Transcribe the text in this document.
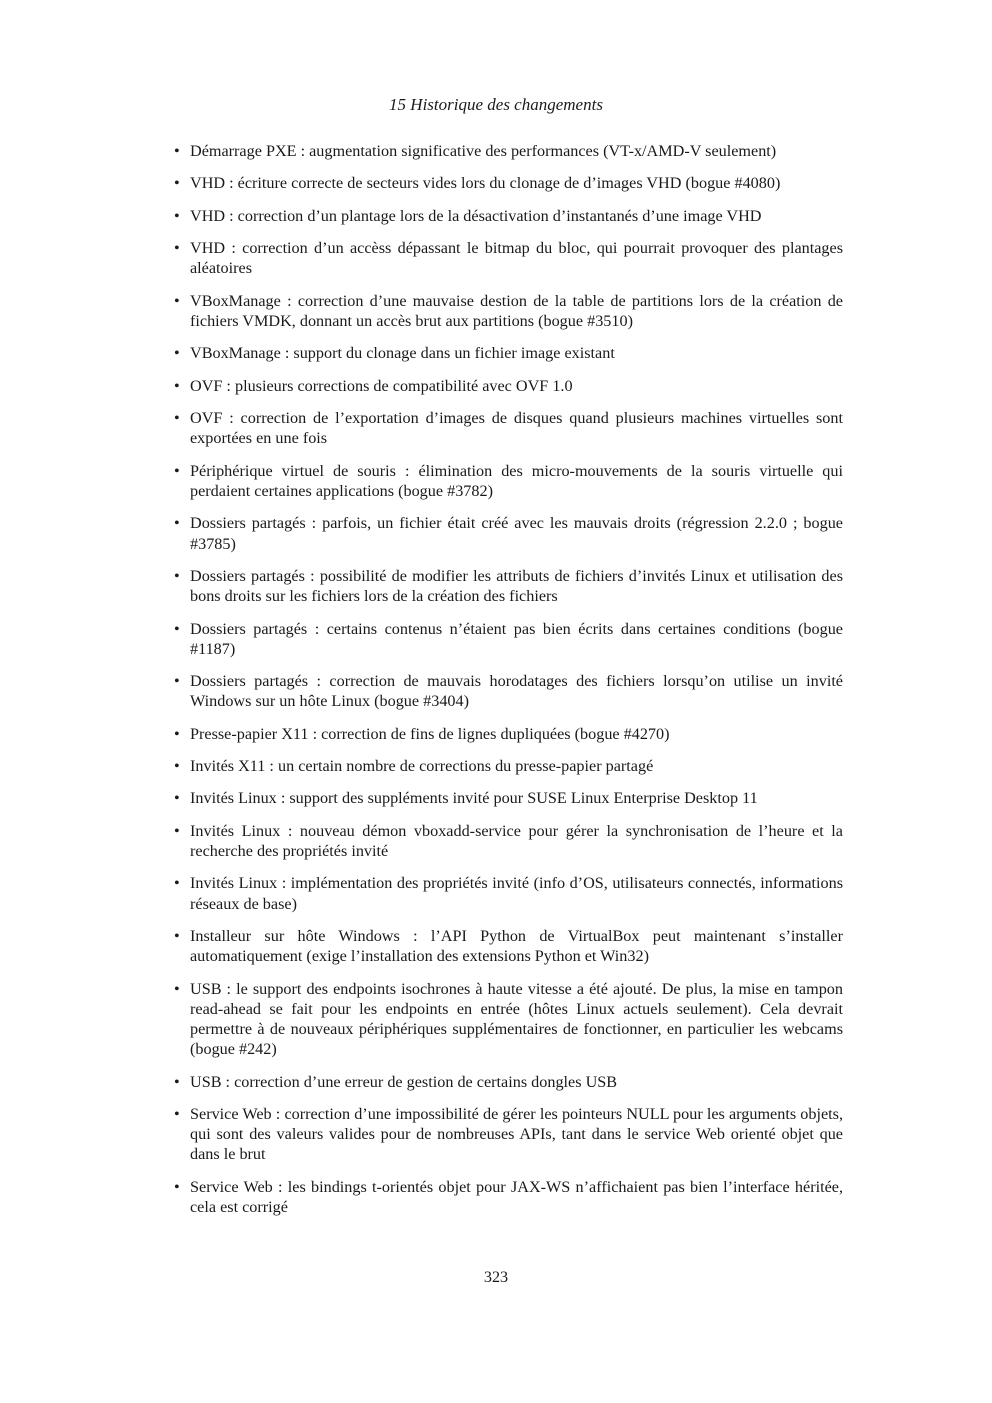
15 Historique des changements
• Démarrage PXE : augmentation significative des performances (VT-x/AMD-V seulement)
• VHD : écriture correcte de secteurs vides lors du clonage de d’images VHD (bogue #4080)
• VHD : correction d’un plantage lors de la désactivation d’instantanés d’une image VHD
• VHD : correction d’un accèss dépassant le bitmap du bloc, qui pourrait provoquer des plantages aléatoires
• VBoxManage : correction d’une mauvaise destion de la table de partitions lors de la création de fichiers VMDK, donnant un accès brut aux partitions (bogue #3510)
• VBoxManage : support du clonage dans un fichier image existant
• OVF : plusieurs corrections de compatibilité avec OVF 1.0
• OVF : correction de l’exportation d’images de disques quand plusieurs machines virtuelles sont exportées en une fois
• Périphérique virtuel de souris : élimination des micro-mouvements de la souris virtuelle qui perdaient certaines applications (bogue #3782)
• Dossiers partagés : parfois, un fichier était créé avec les mauvais droits (régression 2.2.0 ; bogue #3785)
• Dossiers partagés : possibilité de modifier les attributs de fichiers d’invités Linux et utilisation des bons droits sur les fichiers lors de la création des fichiers
• Dossiers partagés : certains contenus n’étaient pas bien écrits dans certaines conditions (bogue #1187)
• Dossiers partagés : correction de mauvais horodatages des fichiers lorsqu’on utilise un invité Windows sur un hôte Linux (bogue #3404)
• Presse-papier X11 : correction de fins de lignes dupliquées (bogue #4270)
• Invités X11 : un certain nombre de corrections du presse-papier partagé
• Invités Linux : support des suppléments invité pour SUSE Linux Enterprise Desktop 11
• Invités Linux : nouveau démon vboxadd-service pour gérer la synchronisation de l’heure et la recherche des propriétés invité
• Invités Linux : implémentation des propriétés invité (info d’OS, utilisateurs connectés, informations réseaux de base)
• Installeur sur hôte Windows : l’API Python de VirtualBox peut maintenant s’installer automatiquement (exige l’installation des extensions Python et Win32)
• USB : le support des endpoints isochrones à haute vitesse a été ajouté. De plus, la mise en tampon read-ahead se fait pour les endpoints en entrée (hôtes Linux actuels seulement). Cela devrait permettre à de nouveaux périphériques supplémentaires de fonctionner, en particulier les webcams (bogue #242)
• USB : correction d’une erreur de gestion de certains dongles USB
• Service Web : correction d’une impossibilité de gérer les pointeurs NULL pour les arguments objets, qui sont des valeurs valides pour de nombreuses APIs, tant dans le service Web orienté objet que dans le brut
• Service Web : les bindings t-orientés objet pour JAX-WS n’affichaient pas bien l’interface héritée, cela est corrigé
323
